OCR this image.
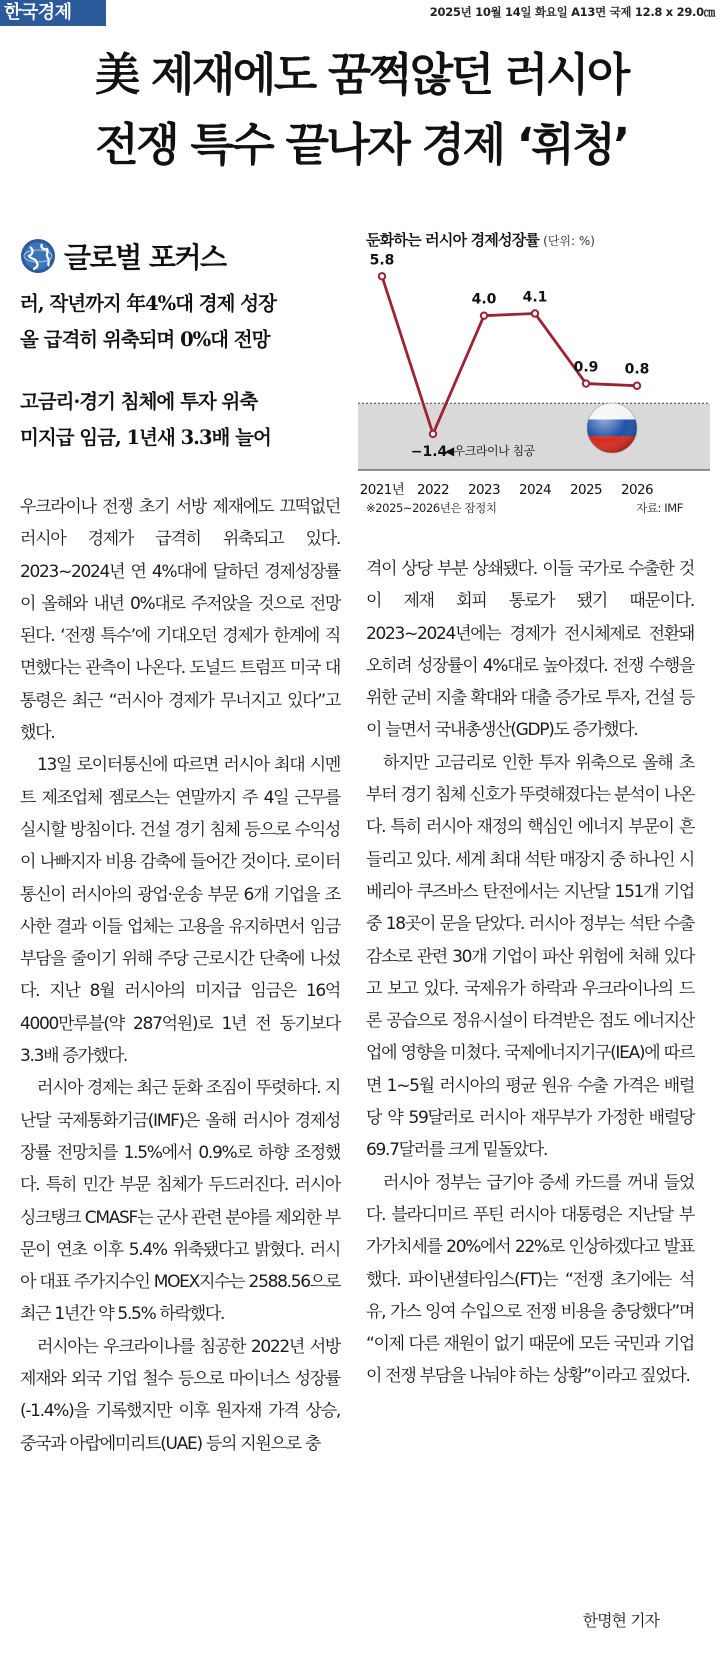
한국경제	2025년 10월 14일 화요일 A13면 국제 12.8 x 29.0㎝
美 제재에도 꿈쩍않던 러시아
전쟁 특수 끝나자 경제 ‘휘청’
글로벌 포커스
러, 작년까지 年4%대 경제 성장
올 급격히 위축되며 0%대 전망
고금리·경기 침체에 투자 위축
미지급 임금, 1년새 3.3배 늘어
둔화하는 러시아 경제성장률 (단위: %)
5.8
−1.4
4.0 4.1
0.9 0.8
2021년 2022 2023 2024 2025 2026
◀우크라이나 침공
※2025~2026년은 잠정치	자료: IMF

우크라이나 전쟁 초기 서방 제재에도 끄떡없던 러시아 경제가 급격히 위축되고 있다. 2023~2024년 연 4%대에 달하던 경제성장률이 올해와 내년 0%대로 주저앉을 것으로 전망된다. ‘전쟁 특수’에 기대오던 경제가 한계에 직면했다는 관측이 나온다. 도널드 트럼프 미국 대통령은 최근 “러시아 경제가 무너지고 있다”고 했다.

13일 로이터통신에 따르면 러시아 최대 시멘트 제조업체 젬로스는 연말까지 주 4일 근무를 실시할 방침이다. 건설 경기 침체 등으로 수익성이 나빠지자 비용 감축에 들어간 것이다. 로이터통신이 러시아의 광업·운송 부문 6개 기업을 조사한 결과 이들 업체는 고용을 유지하면서 임금 부담을 줄이기 위해 주당 근로시간 단축에 나섰다. 지난 8월 러시아의 미지급 임금은 16억4000만루블(약 287억원)로 1년 전 동기보다 3.3배 증가했다.

러시아 경제는 최근 둔화 조짐이 뚜렷하다. 지난달 국제통화기금(IMF)은 올해 러시아 경제성장률 전망치를 1.5%에서 0.9%로 하향 조정했다. 특히 민간 부문 침체가 두드러진다. 러시아 싱크탱크 CMASF는 군사 관련 분야를 제외한 부문이 연초 이후 5.4% 위축됐다고 밝혔다. 러시아 대표 주가지수인 MOEX지수는 2588.56으로 최근 1년간 약 5.5% 하락했다.

러시아는 우크라이나를 침공한 2022년 서방 제재와 외국 기업 철수 등으로 마이너스 성장률(-1.4%)을 기록했지만 이후 원자재 가격 상승, 중국과 아랍에미리트(UAE) 등의 지원으로 충

격이 상당 부분 상쇄됐다. 이들 국가로 수출한 것이 제재 회피 통로가 됐기 때문이다. 2023~2024년에는 경제가 전시체제로 전환돼 오히려 성장률이 4%대로 높아졌다. 전쟁 수행을 위한 군비 지출 확대와 대출 증가로 투자, 건설 등이 늘면서 국내총생산(GDP)도 증가했다.

하지만 고금리로 인한 투자 위축으로 올해 초부터 경기 침체 신호가 뚜렷해졌다는 분석이 나온다. 특히 러시아 재정의 핵심인 에너지 부문이 흔들리고 있다. 세계 최대 석탄 매장지 중 하나인 시베리아 쿠즈바스 탄전에서는 지난달 151개 기업 중 18곳이 문을 닫았다. 러시아 정부는 석탄 수출 감소로 관련 30개 기업이 파산 위험에 처해 있다고 보고 있다. 국제유가 하락과 우크라이나의 드론 공습으로 정유시설이 타격받은 점도 에너지산업에 영향을 미쳤다. 국제에너지기구(IEA)에 따르면 1~5월 러시아의 평균 원유 수출 가격은 배럴당 약 59달러로 러시아 재무부가 가정한 배럴당 69.7달러를 크게 밑돌았다.

러시아 정부는 급기야 증세 카드를 꺼내 들었다. 블라디미르 푸틴 러시아 대통령은 지난달 부가가치세를 20%에서 22%로 인상하겠다고 발표했다. 파이낸셜타임스(FT)는 “전쟁 초기에는 석유, 가스 잉여 수입으로 전쟁 비용을 충당했다”며 “이제 다른 재원이 없기 때문에 모든 국민과 기업이 전쟁 부담을 나눠야 하는 상황”이라고 짚었다.

한명현 기자
